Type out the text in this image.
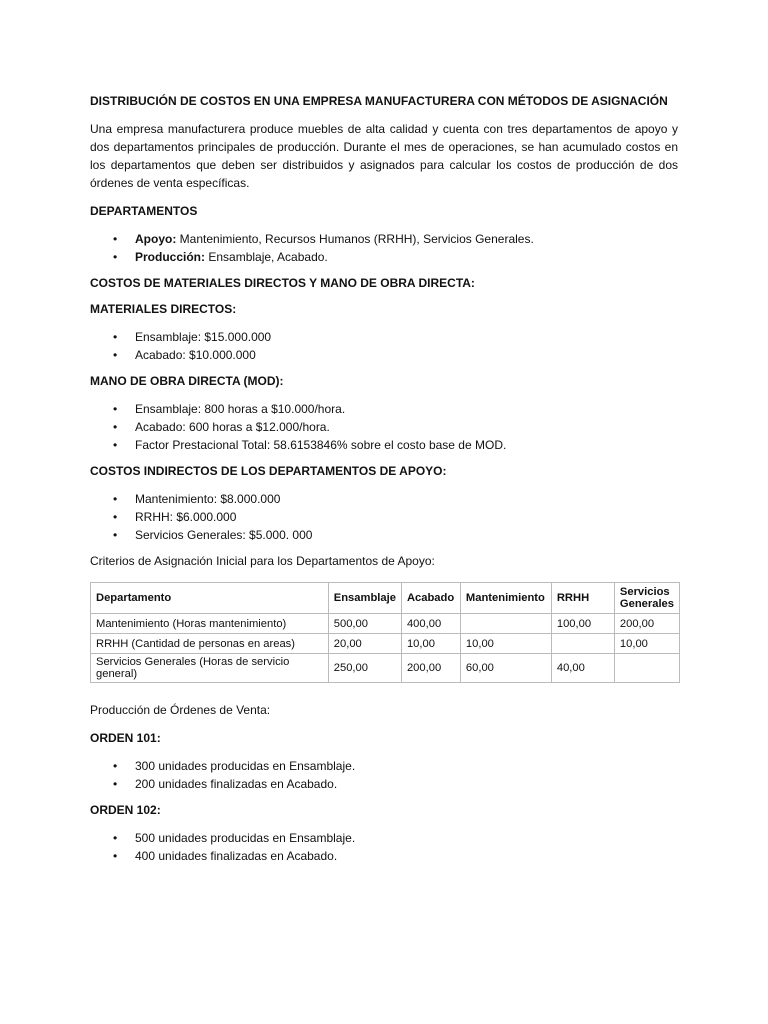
DISTRIBUCIÓN DE COSTOS EN UNA EMPRESA MANUFACTURERA CON MÉTODOS DE ASIGNACIÓN

Una empresa manufacturera produce muebles de alta calidad y cuenta con tres departamentos de apoyo y dos departamentos principales de producción. Durante el mes de operaciones, se han acumulado costos en los departamentos que deben ser distribuidos y asignados para calcular los costos de producción de dos órdenes de venta específicas.

DEPARTAMENTOS
• Apoyo: Mantenimiento, Recursos Humanos (RRHH), Servicios Generales.
• Producción: Ensamblaje, Acabado.
COSTOS DE MATERIALES DIRECTOS Y MANO DE OBRA DIRECTA:
MATERIALES DIRECTOS:
• Ensamblaje: $15.000.000
• Acabado: $10.000.000
MANO DE OBRA DIRECTA (MOD):
• Ensamblaje: 800 horas a $10.000/hora.
• Acabado: 600 horas a $12.000/hora.
• Factor Prestacional Total: 58.6153846% sobre el costo base de MOD.
COSTOS INDIRECTOS DE LOS DEPARTAMENTOS DE APOYO:
• Mantenimiento: $8.000.000
• RRHH: $6.000.000
• Servicios Generales: $5.000. 000
Criterios de Asignación Inicial para los Departamentos de Apoyo:
Departamento	Ensamblaje	Acabado	Mantenimiento	RRHH	Servicios Generales
Mantenimiento (Horas mantenimiento)	500,00	400,00		100,00	200,00
RRHH (Cantidad de personas en areas)	20,00	10,00	10,00		10,00
Servicios Generales (Horas de servicio general)	250,00	200,00	60,00	40,00	
Producción de Órdenes de Venta:
ORDEN 101:
• 300 unidades producidas en Ensamblaje.
• 200 unidades finalizadas en Acabado.
ORDEN 102:
• 500 unidades producidas en Ensamblaje.
• 400 unidades finalizadas en Acabado.
